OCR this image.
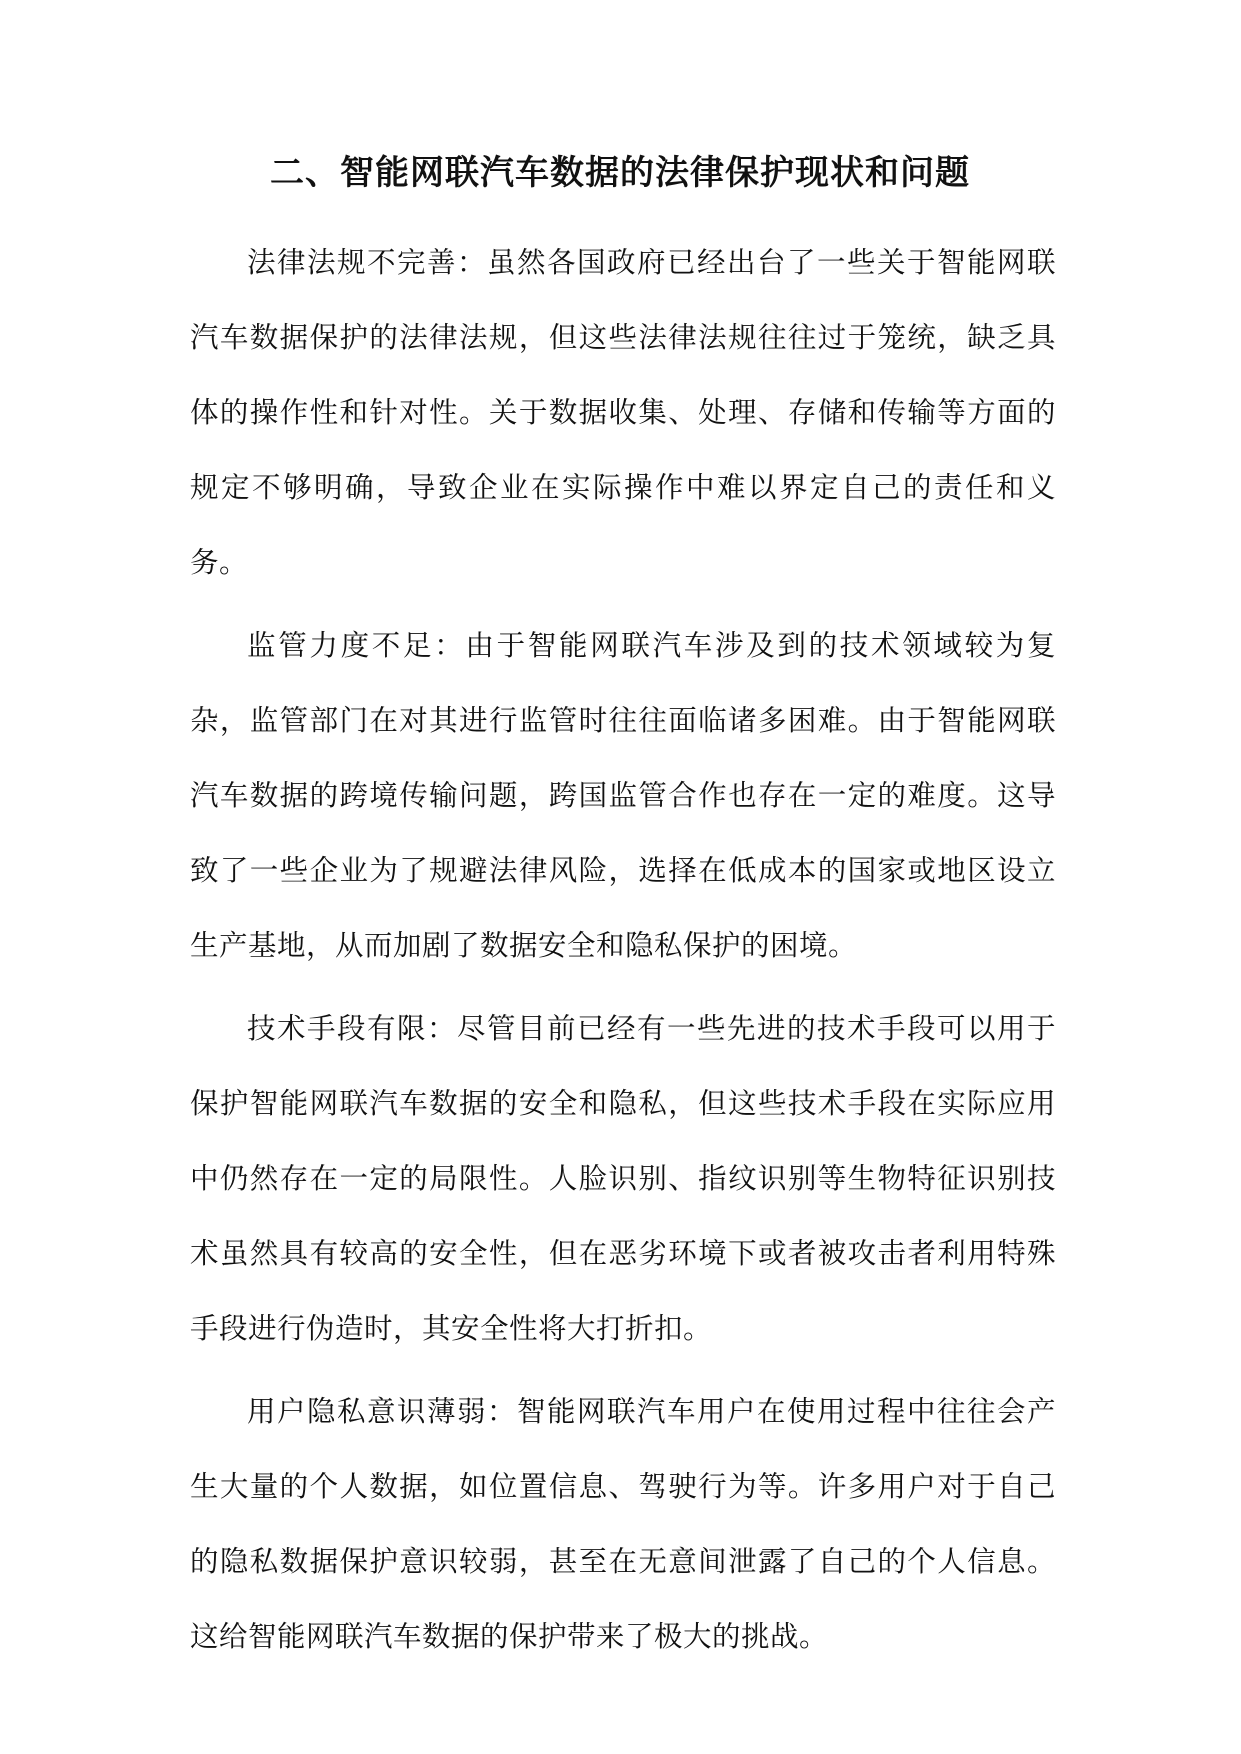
二、智能网联汽车数据的法律保护现状和问题

法律法规不完善：虽然各国政府已经出台了一些关于智能网联汽车数据保护的法律法规，但这些法律法规往往过于笼统，缺乏具体的操作性和针对性。关于数据收集、处理、存储和传输等方面的规定不够明确，导致企业在实际操作中难以界定自己的责任和义务。

监管力度不足：由于智能网联汽车涉及到的技术领域较为复杂，监管部门在对其进行监管时往往面临诸多困难。由于智能网联汽车数据的跨境传输问题，跨国监管合作也存在一定的难度。这导致了一些企业为了规避法律风险，选择在低成本的国家或地区设立生产基地，从而加剧了数据安全和隐私保护的困境。

技术手段有限：尽管目前已经有一些先进的技术手段可以用于保护智能网联汽车数据的安全和隐私，但这些技术手段在实际应用中仍然存在一定的局限性。人脸识别、指纹识别等生物特征识别技术虽然具有较高的安全性，但在恶劣环境下或者被攻击者利用特殊手段进行伪造时，其安全性将大打折扣。

用户隐私意识薄弱：智能网联汽车用户在使用过程中往往会产生大量的个人数据，如位置信息、驾驶行为等。许多用户对于自己的隐私数据保护意识较弱，甚至在无意间泄露了自己的个人信息。这给智能网联汽车数据的保护带来了极大的挑战。
